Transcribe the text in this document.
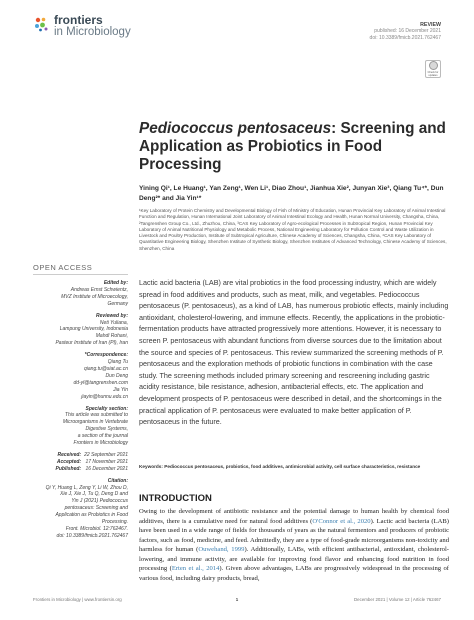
frontiers
in Microbiology
REVIEW
published: 16 December 2021
doi: 10.3389/fmicb.2021.762467
Check for updates
Pediococcus pentosaceus: Screening and Application as Probiotics in Food Processing
Yining Qi¹, Le Huang¹, Yan Zeng¹, Wen Li¹, Diao Zhou¹, Jianhua Xie², Junyan Xie³, Qiang Tu⁴*, Dun Deng²* and Jia Yin¹*
¹Key Laboratory of Protein Chemistry and Developmental Biology of Fish of Ministry of Education, Hunan Provincial Key Laboratory of Animal Intestinal Function and Regulation, Hunan International Joint Laboratory of Animal Intestinal Ecology and Health, Hunan Normal University, Changsha, China, ²Tangrenshen Group Co., Ltd., Zhuzhou, China, ³CAS Key Laboratory of Agro-ecological Processes in Subtropical Region, Hunan Provincial Key Laboratory of Animal Nutritional Physiology and Metabolic Process, National Engineering Laboratory for Pollution Control and Waste Utilization in Livestock and Poultry Production, Institute of Subtropical Agriculture, Chinese Academy of Sciences, Changsha, China, ⁴CAS Key Laboratory of Quantitative Engineering Biology, Shenzhen Institute of Synthetic Biology, Shenzhen Institutes of Advanced Technology, Chinese Academy of Sciences, Shenzhen, China
OPEN ACCESS
Edited by:
Andreas Ernst Schwientz,
MVZ Institute of Microecology,
Germany
Reviewed by:
Neti Yuliana,
Lampung University, Indonesia
Mahdi Rohani,
Pasteur Institute of Iran (PI), Iran
*Correspondence:
Qiang Tu
qiang.tu@siat.ac.cn
Dun Deng
dd-yl@tangrenshen.com
Jia Yin
jiayin@hunnu.edu.cn
Specialty section:
This article was submitted to
Microorganisms in Vertebrate
Digestive Systems,
a section of the journal
Frontiers in Microbiology
Received: 22 September 2021
Accepted: 17 November 2021
Published: 16 December 2021
Citation:
Qi Y, Huang L, Zeng Y, Li W, Zhou D,
Xie J, Xie J, Tu Q, Deng D and
Yin J (2021) Pediococcus
pentosaceus: Screening and
Application as Probiotics in Food
Processing.
Front. Microbiol. 12:762467.
doi: 10.3389/fmicb.2021.762467

Lactic acid bacteria (LAB) are vital probiotics in the food processing industry, which are widely spread in food additives and products, such as meat, milk, and vegetables. Pediococcus pentosaceus (P. pentosaceus), as a kind of LAB, has numerous probiotic effects, mainly including antioxidant, cholesterol-lowering, and immune effects. Recently, the applications in the probiotic- fermentation products have attracted progressively more attentions. However, it is necessary to screen P. pentosaceus with abundant functions from diverse sources due to the limitation about the source and species of P. pentosaceus. This review summarized the screening methods of P. pentosaceus and the exploration methods of probiotic functions in combination with the case study. The screening methods included primary screening and rescreening including gastric acidity resistance, bile resistance, adhesion, antibacterial effects, etc. The application and development prospects of P. pentosaceus were described in detail, and the shortcomings in the practical application of P. pentosaceus were evaluated to make better application of P. pentosaceus in the future.

Keywords: Pediococcus pentosaceus, probiotics, food additives, antimicrobial activity, cell surface characteristics, resistance

INTRODUCTION

Owing to the development of antibiotic resistance and the potential damage to human health by chemical food additives, there is a cumulative need for natural food additives (O'Connor et al., 2020). Lactic acid bacteria (LAB) have been used in a wide range of fields for thousands of years as the natural fermentors and producers of probiotic factors, such as food, medicine, and feed. Admittedly, they are a type of food-grade microorganisms non-toxicity and harmless for human (Ouwehand, 1999). Additionally, LABs, with efficient antibacterial, antioxidant, cholesterol-lowering, and immune activity, are available for improving food flavor and enhancing food nutrition in food processing (Erten et al., 2014). Given above advantages, LABs are progressively widespread in the processing of various food, including dairy products, bread,

Frontiers in Microbiology | www.frontiersin.org	1	December 2021 | Volume 12 | Article 762467
